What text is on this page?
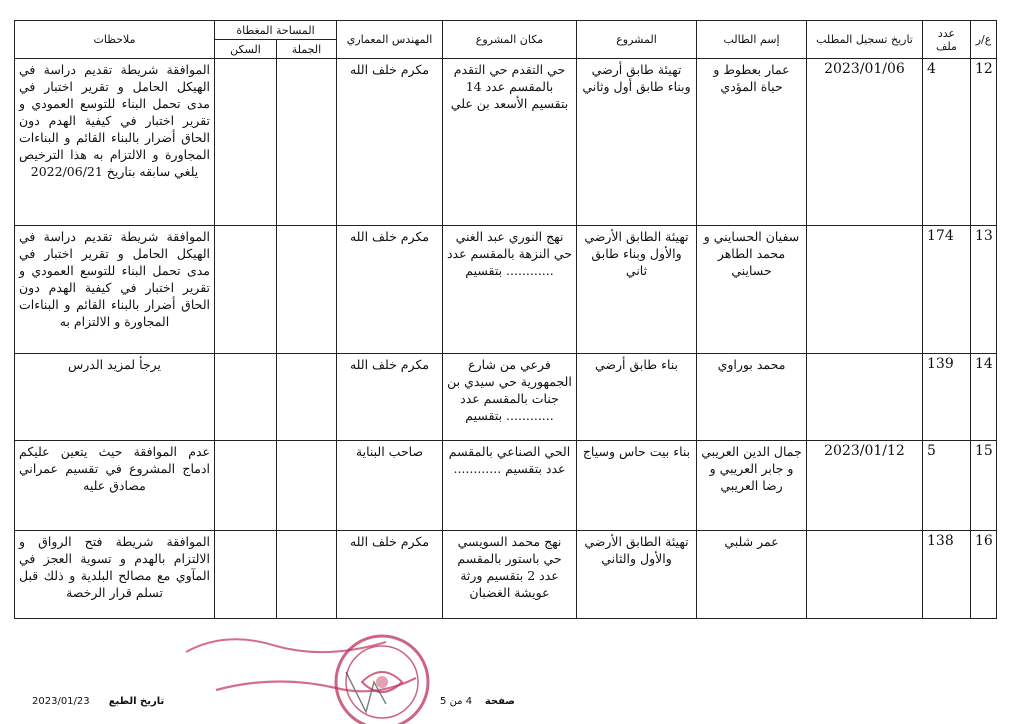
ع/ر	عدد ملف	تاريخ تسجيل المطلب	إسم الطالب	المشروع	مكان المشروع	المهندس المعماري	المساحة المغطاة		ملاحظات
							الجملة	السكن	
12	4	2023/01/06	عمار بعطوط و حياة المؤدي	تهيئة طابق أرضي وبناء طابق أول وثاني	حي التقدم حي التقدم بالمقسم عدد 14 بتقسيم الأسعد بن علي	مكرم خلف الله			الموافقة شريطة تقديم دراسة في الهيكل الحامل و تقرير اختبار في مدى تحمل البناء للتوسع العمودي و تقرير اختبار في كيفية الهدم دون الحاق أضرار بالبناء القائم و البناءات المجاورة و الالتزام به هذا الترخيص يلغي سابقه بتاريخ 2022/06/21
13	174		سفيان الحسايني و محمد الطاهر حسايني	تهيئة الطابق الأرضي والأول وبناء طابق ثاني	نهج النوري عبد الغني حي النزهة بالمقسم عدد ............ بتقسيم	مكرم خلف الله			الموافقة شريطة تقديم دراسة في الهيكل الحامل و تقرير اختبار في مدى تحمل البناء للتوسع العمودي و تقرير اختبار في كيفية الهدم دون الحاق أضرار بالبناء القائم و البناءات المجاورة و الالتزام به
14	139		محمد بوراوي	بناء طابق أرضي	فرعي من شارع الجمهورية حي سيدي بن جنات بالمقسم عدد ............ بتقسيم	مكرم خلف الله			يرجأ لمزيد الدرس
15	5	2023/01/12	جمال الدين العريبي و جابر العريبي و رضا العريبي	بناء بيت حاس وسياج	الحي الصناعي بالمقسم عدد بتقسيم ............	صاحب البناية			عدم الموافقة حيث يتعين عليكم ادماج المشروع في تقسيم عمراني مصادق عليه
16	138		عمر شلبي	تهيئة الطابق الأرضي والأول والثاني	نهج محمد السويسي حي باستور بالمقسم عدد 2 بتقسيم ورثة عويشة الغضبان	مكرم خلف الله			الموافقة شريطة فتح الرواق و الالتزام بالهدم و تسوية العجز في المآوي مع مصالح البلدية و ذلك قبل تسلم قرار الرخصة
صفحة    4 من 5
تاريخ الطبع      2023/01/23
